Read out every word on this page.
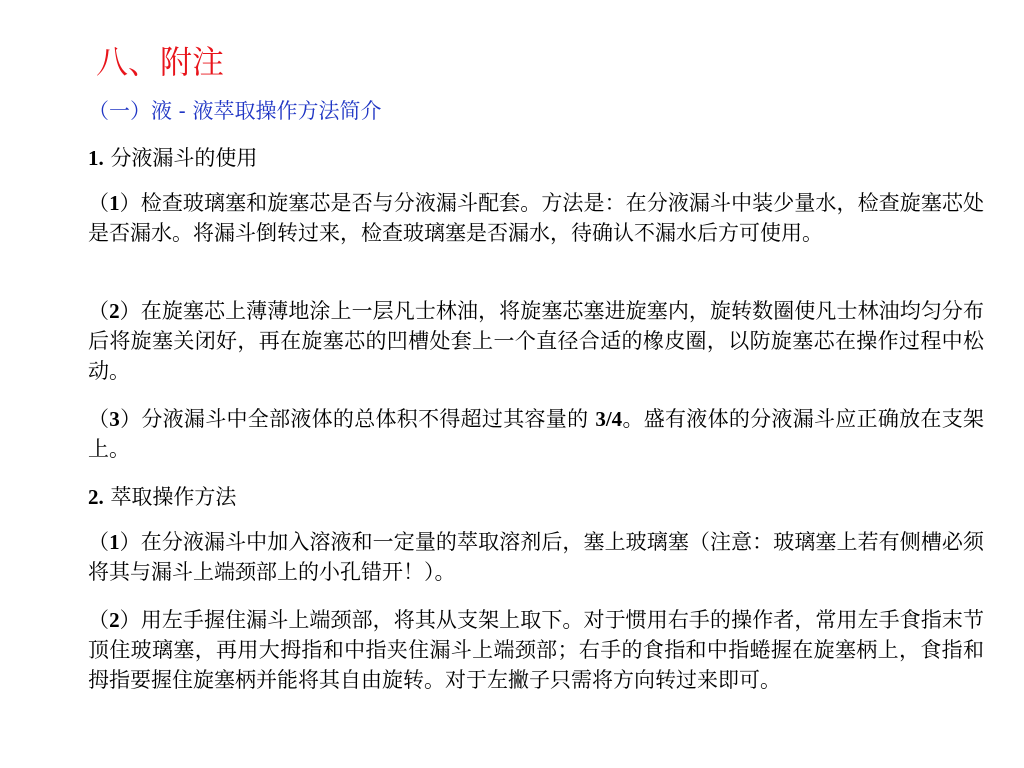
八、附注
（一）液 - 液萃取操作方法简介
1. 分液漏斗的使用
（1）检查玻璃塞和旋塞芯是否与分液漏斗配套。方法是：在分液漏斗中装少量水，检查旋塞芯处是否漏水。将漏斗倒转过来，检查玻璃塞是否漏水，待确认不漏水后方可使用。
（2）在旋塞芯上薄薄地涂上一层凡士林油，将旋塞芯塞进旋塞内，旋转数圈使凡士林油均匀分布后将旋塞关闭好，再在旋塞芯的凹槽处套上一个直径合适的橡皮圈，以防旋塞芯在操作过程中松动。
（3）分液漏斗中全部液体的总体积不得超过其容量的 3/4。盛有液体的分液漏斗应正确放在支架上。
2. 萃取操作方法
（1）在分液漏斗中加入溶液和一定量的萃取溶剂后，塞上玻璃塞（注意：玻璃塞上若有侧槽必须将其与漏斗上端颈部上的小孔错开！）。
（2）用左手握住漏斗上端颈部，将其从支架上取下。对于惯用右手的操作者，常用左手食指末节顶住玻璃塞，再用大拇指和中指夹住漏斗上端颈部；右手的食指和中指蜷握在旋塞柄上，食指和拇指要握住旋塞柄并能将其自由旋转。对于左撇子只需将方向转过来即可。
